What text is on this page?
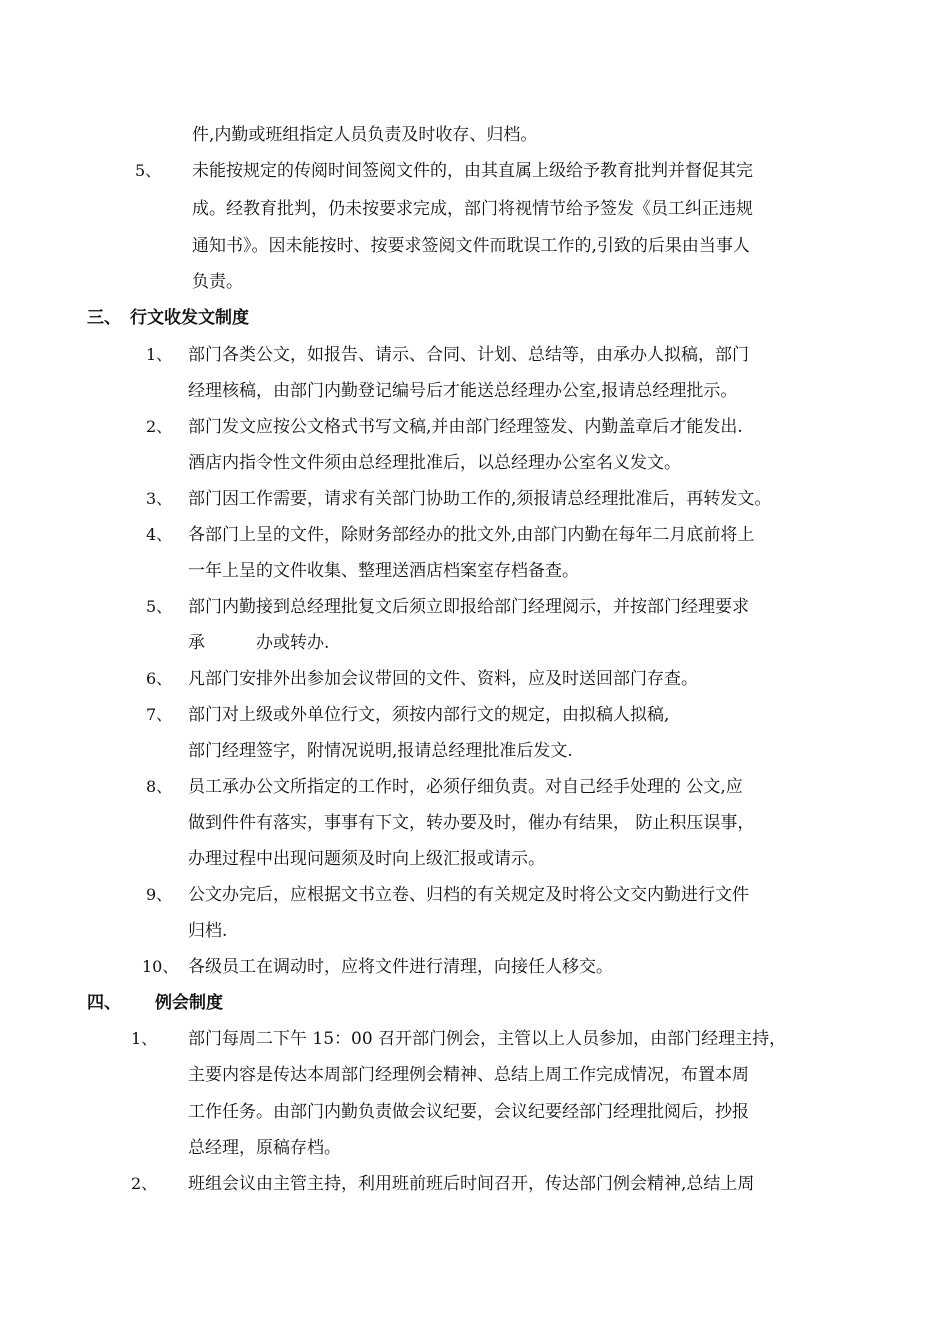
件,内勤或班组指定人员负责及时收存、归档。
5、 未能按规定的传阅时间签阅文件的，由其直属上级给予教育批判并督促其完
成。经教育批判，仍未按要求完成，部门将视情节给予签发《员工纠正违规
通知书》。因未能按时、按要求签阅文件而耽误工作的,引致的后果由当事人
负责。
三、 行文收发文制度
1、 部门各类公文，如报告、请示、合同、计划、总结等，由承办人拟稿，部门
经理核稿，由部门内勤登记编号后才能送总经理办公室,报请总经理批示。
2、 部门发文应按公文格式书写文稿,并由部门经理签发、内勤盖章后才能发出.
酒店内指令性文件须由总经理批准后，以总经理办公室名义发文。
3、 部门因工作需要，请求有关部门协助工作的,须报请总经理批准后，再转发文。
4、 各部门上呈的文件，除财务部经办的批文外,由部门内勤在每年二月底前将上
一年上呈的文件收集、整理送酒店档案室存档备查。
5、 部门内勤接到总经理批复文后须立即报给部门经理阅示，并按部门经理要求
承　　　办或转办.
6、 凡部门安排外出参加会议带回的文件、资料，应及时送回部门存查。
7、 部门对上级或外单位行文，须按内部行文的规定，由拟稿人拟稿,
部门经理签字，附情况说明,报请总经理批准后发文.
8、 员工承办公文所指定的工作时，必须仔细负责。对自己经手处理的 公文,应
做到件件有落实，事事有下文，转办要及时，催办有结果， 防止积压误事，
办理过程中出现问题须及时向上级汇报或请示。
9、 公文办完后，应根据文书立卷、归档的有关规定及时将公文交内勤进行文件
归档.
10、 各级员工在调动时，应将文件进行清理，向接任人移交。
四、 例会制度
1、 部门每周二下午 15：00 召开部门例会，主管以上人员参加，由部门经理主持，
主要内容是传达本周部门经理例会精神、总结上周工作完成情况，布置本周
工作任务。由部门内勤负责做会议纪要，会议纪要经部门经理批阅后，抄报
总经理，原稿存档。
2、 班组会议由主管主持，利用班前班后时间召开，传达部门例会精神,总结上周
